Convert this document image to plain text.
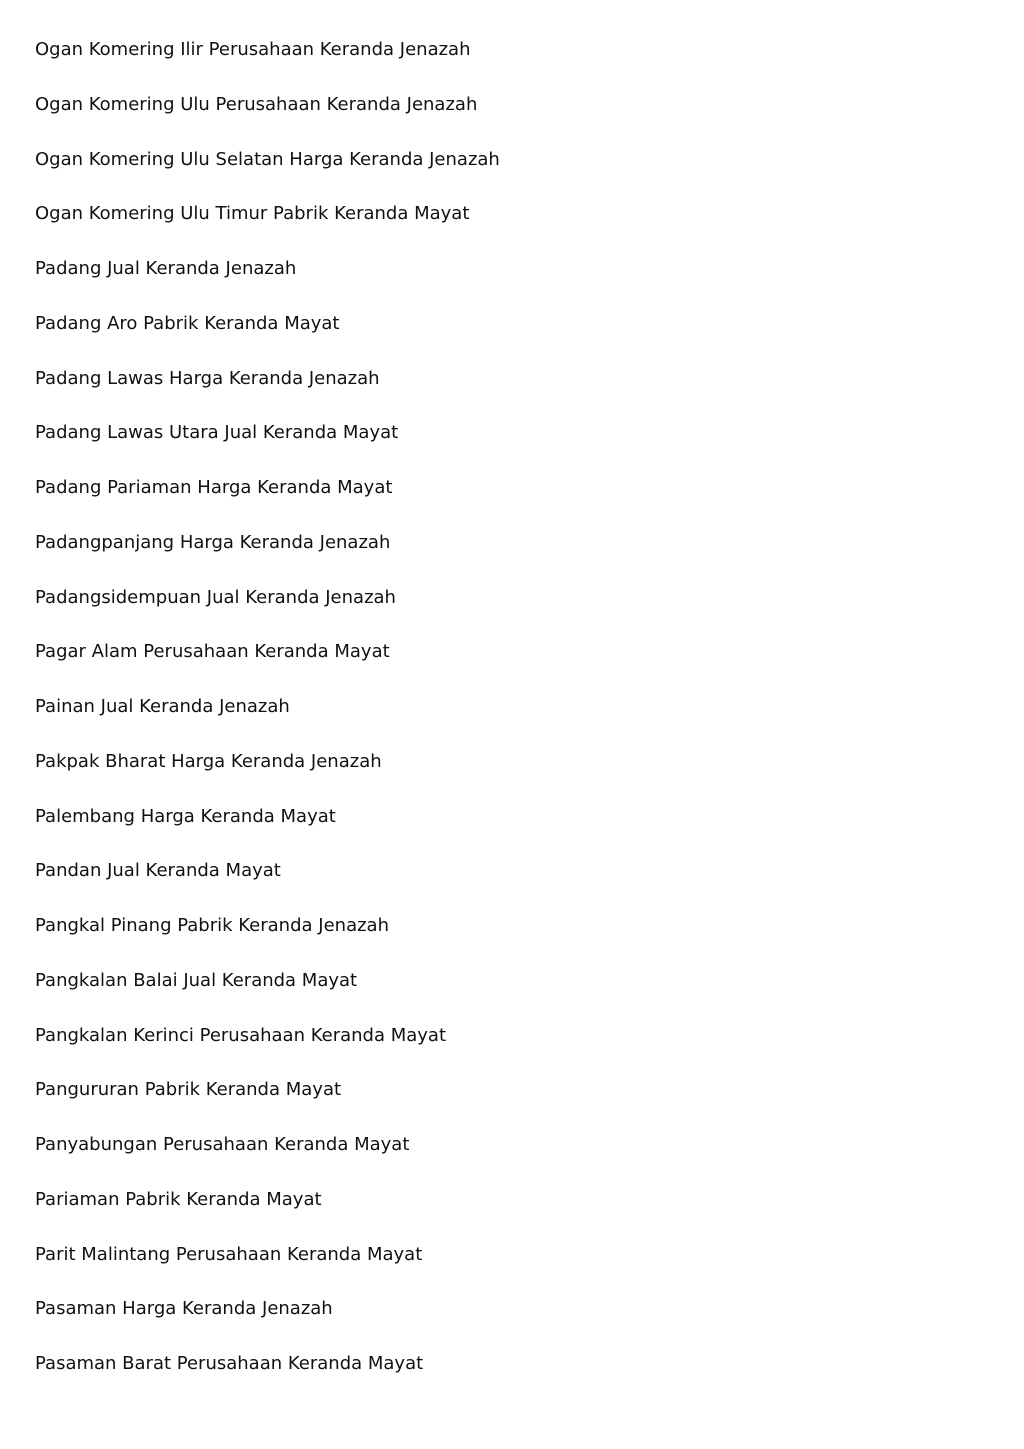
Ogan Komering Ilir Perusahaan Keranda Jenazah
Ogan Komering Ulu Perusahaan Keranda Jenazah
Ogan Komering Ulu Selatan Harga Keranda Jenazah
Ogan Komering Ulu Timur Pabrik Keranda Mayat
Padang Jual Keranda Jenazah
Padang Aro Pabrik Keranda Mayat
Padang Lawas Harga Keranda Jenazah
Padang Lawas Utara Jual Keranda Mayat
Padang Pariaman Harga Keranda Mayat
Padangpanjang Harga Keranda Jenazah
Padangsidempuan Jual Keranda Jenazah
Pagar Alam Perusahaan Keranda Mayat
Painan Jual Keranda Jenazah
Pakpak Bharat Harga Keranda Jenazah
Palembang Harga Keranda Mayat
Pandan Jual Keranda Mayat
Pangkal Pinang Pabrik Keranda Jenazah
Pangkalan Balai Jual Keranda Mayat
Pangkalan Kerinci Perusahaan Keranda Mayat
Pangururan Pabrik Keranda Mayat
Panyabungan Perusahaan Keranda Mayat
Pariaman Pabrik Keranda Mayat
Parit Malintang Perusahaan Keranda Mayat
Pasaman Harga Keranda Jenazah
Pasaman Barat Perusahaan Keranda Mayat
